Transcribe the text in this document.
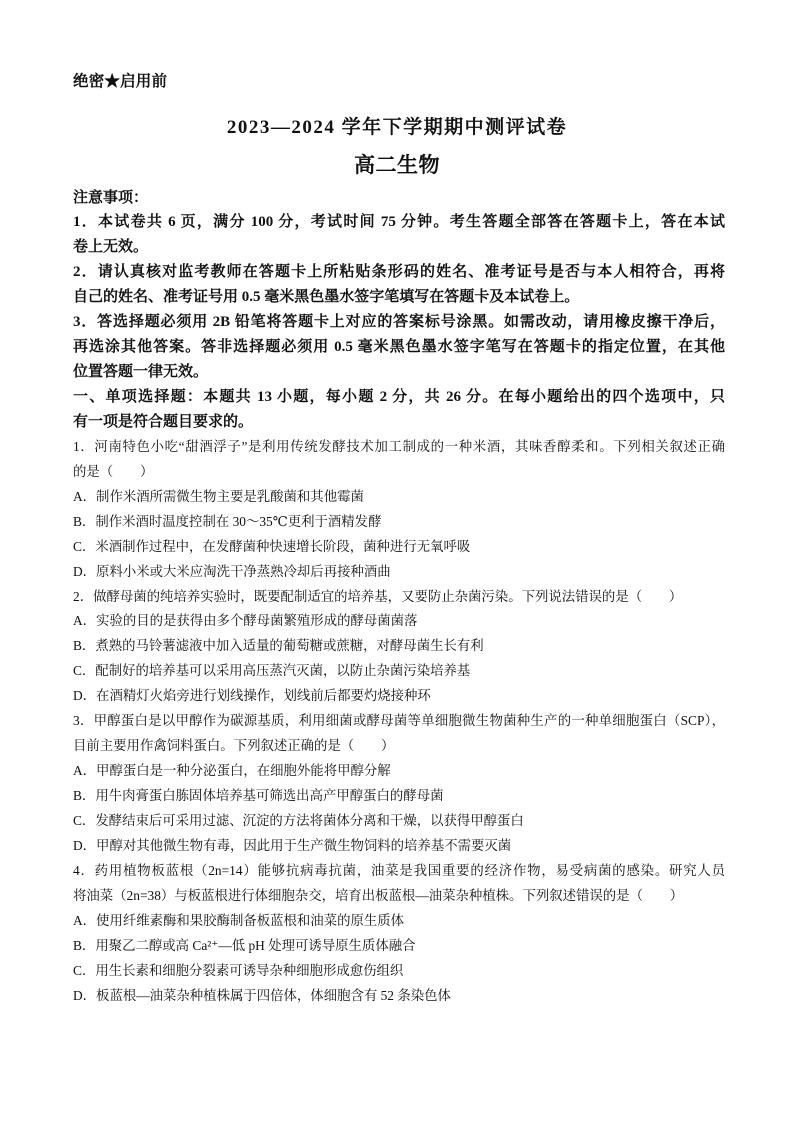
绝密★启用前
2023—2024 学年下学期期中测评试卷
高二生物
注意事项：
1．本试卷共 6 页，满分 100 分，考试时间 75 分钟。考生答题全部答在答题卡上，答在本试
卷上无效。
2．请认真核对监考教师在答题卡上所粘贴条形码的姓名、准考证号是否与本人相符合，再将
自己的姓名、准考证号用 0.5 毫米黑色墨水签字笔填写在答题卡及本试卷上。
3．答选择题必须用 2B 铅笔将答题卡上对应的答案标号涂黑。如需改动，请用橡皮擦干净后，
再选涂其他答案。答非选择题必须用 0.5 毫米黑色墨水签字笔写在答题卡的指定位置，在其他
位置答题一律无效。
一、单项选择题：本题共 13 小题，每小题 2 分，共 26 分。在每小题给出的四个选项中，只
有一项是符合题目要求的。
1．河南特色小吃“甜酒浮子”是利用传统发酵技术加工制成的一种米酒，其味香醇柔和。下列相关叙述正确
的是（　　）
A．制作米酒所需微生物主要是乳酸菌和其他霉菌
B．制作米酒时温度控制在 30～35℃更利于酒精发酵
C．米酒制作过程中，在发酵菌种快速增长阶段，菌种进行无氧呼吸
D．原料小米或大米应淘洗干净蒸熟冷却后再接种酒曲
2．做酵母菌的纯培养实验时，既要配制适宜的培养基，又要防止杂菌污染。下列说法错误的是（　　）
A．实验的目的是获得由多个酵母菌繁殖形成的酵母菌菌落
B．煮熟的马铃薯滤液中加入适量的葡萄糖或蔗糖，对酵母菌生长有利
C．配制好的培养基可以采用高压蒸汽灭菌，以防止杂菌污染培养基
D．在酒精灯火焰旁进行划线操作，划线前后都要灼烧接种环
3．甲醇蛋白是以甲醇作为碳源基质，利用细菌或酵母菌等单细胞微生物菌种生产的一种单细胞蛋白（SCP），
目前主要用作禽饲料蛋白。下列叙述正确的是（　　）
A．甲醇蛋白是一种分泌蛋白，在细胞外能将甲醇分解
B．用牛肉膏蛋白胨固体培养基可筛选出高产甲醇蛋白的酵母菌
C．发酵结束后可采用过滤、沉淀的方法将菌体分离和干燥，以获得甲醇蛋白
D．甲醇对其他微生物有毒，因此用于生产微生物饲料的培养基不需要灭菌
4．药用植物板蓝根（2n=14）能够抗病毒抗菌，油菜是我国重要的经济作物，易受病菌的感染。研究人员
将油菜（2n=38）与板蓝根进行体细胞杂交，培育出板蓝根—油菜杂种植株。下列叙述错误的是（　　）
A．使用纤维素酶和果胶酶制备板蓝根和油菜的原生质体
B．用聚乙二醇或高 Ca²⁺—低 pH 处理可诱导原生质体融合
C．用生长素和细胞分裂素可诱导杂种细胞形成愈伤组织
D．板蓝根—油菜杂种植株属于四倍体，体细胞含有 52 条染色体
